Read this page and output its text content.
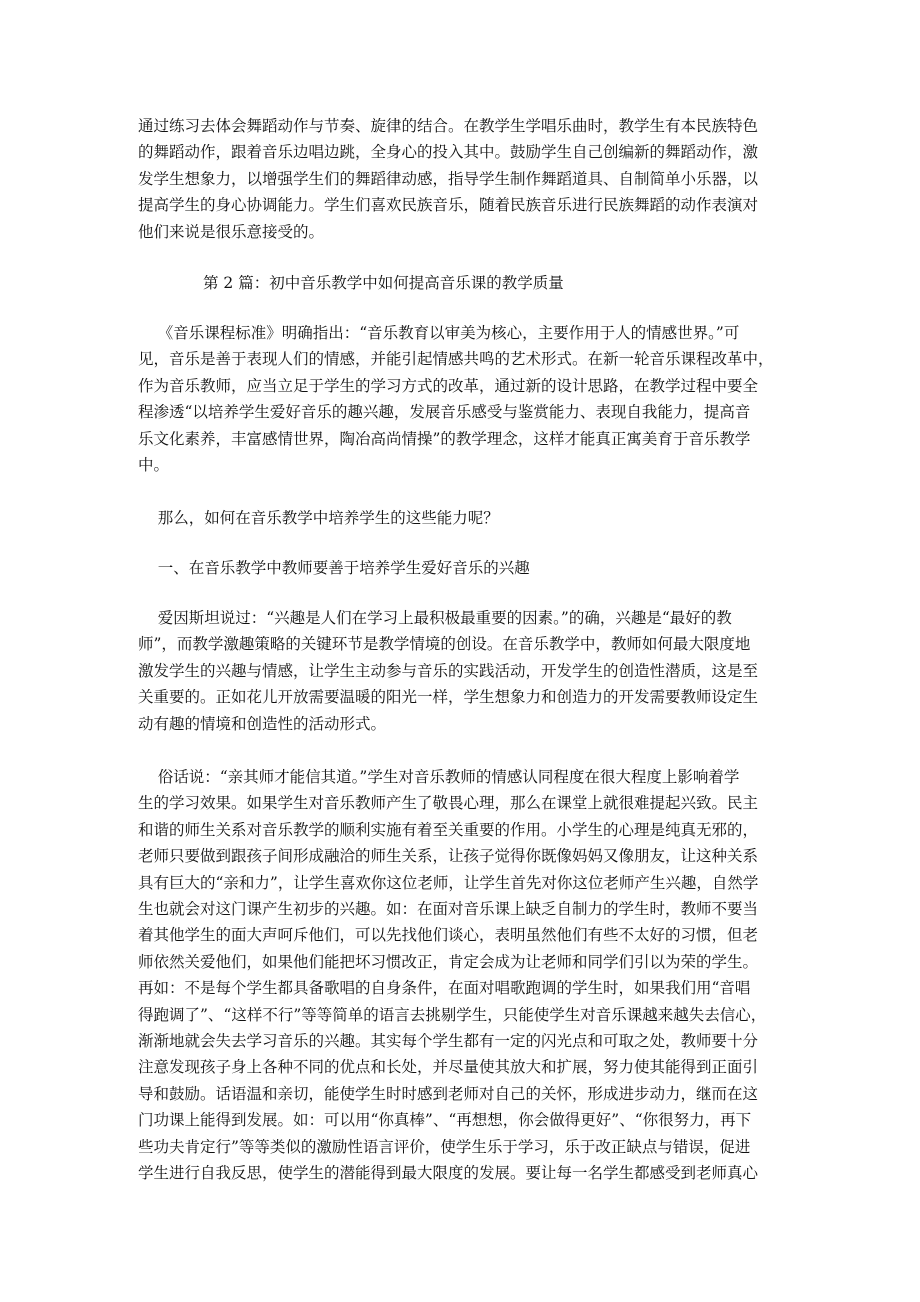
通过练习去体会舞蹈动作与节奏、旋律的结合。在教学生学唱乐曲时，教学生有本民族特色
的舞蹈动作，跟着音乐边唱边跳，全身心的投入其中。鼓励学生自己创编新的舞蹈动作，激
发学生想象力，以增强学生们的舞蹈律动感，指导学生制作舞蹈道具、自制简单小乐器，以
提高学生的身心协调能力。学生们喜欢民族音乐，随着民族音乐进行民族舞蹈的动作表演对
他们来说是很乐意接受的。

第 2 篇：初中音乐教学中如何提高音乐课的教学质量

《音乐课程标准》明确指出：“音乐教育以审美为核心，主要作用于人的情感世界。”可
见，音乐是善于表现人们的情感，并能引起情感共鸣的艺术形式。在新一轮音乐课程改革中，
作为音乐教师，应当立足于学生的学习方式的改革，通过新的设计思路，在教学过程中要全
程渗透“以培养学生爱好音乐的趣兴趣，发展音乐感受与鉴赏能力、表现自我能力，提高音
乐文化素养，丰富感情世界，陶冶高尚情操”的教学理念，这样才能真正寓美育于音乐教学
中。

那么，如何在音乐教学中培养学生的这些能力呢？

一、在音乐教学中教师要善于培养学生爱好音乐的兴趣

爱因斯坦说过：“兴趣是人们在学习上最积极最重要的因素。”的确，兴趣是“最好的教
师”，而教学激趣策略的关键环节是教学情境的创设。在音乐教学中，教师如何最大限度地
激发学生的兴趣与情感，让学生主动参与音乐的实践活动，开发学生的创造性潜质，这是至
关重要的。正如花儿开放需要温暖的阳光一样，学生想象力和创造力的开发需要教师设定生
动有趣的情境和创造性的活动形式。

俗话说：“亲其师才能信其道。”学生对音乐教师的情感认同程度在很大程度上影响着学
生的学习效果。如果学生对音乐教师产生了敬畏心理，那么在课堂上就很难提起兴致。民主
和谐的师生关系对音乐教学的顺利实施有着至关重要的作用。小学生的心理是纯真无邪的，
老师只要做到跟孩子间形成融洽的师生关系，让孩子觉得你既像妈妈又像朋友，让这种关系
具有巨大的“亲和力”，让学生喜欢你这位老师，让学生首先对你这位老师产生兴趣，自然学
生也就会对这门课产生初步的兴趣。如：在面对音乐课上缺乏自制力的学生时，教师不要当
着其他学生的面大声呵斥他们，可以先找他们谈心，表明虽然他们有些不太好的习惯，但老
师依然关爱他们，如果他们能把坏习惯改正，肯定会成为让老师和同学们引以为荣的学生。
再如：不是每个学生都具备歌唱的自身条件，在面对唱歌跑调的学生时，如果我们用“音唱
得跑调了”、“这样不行”等等简单的语言去挑剔学生，只能使学生对音乐课越来越失去信心，
渐渐地就会失去学习音乐的兴趣。其实每个学生都有一定的闪光点和可取之处，教师要十分
注意发现孩子身上各种不同的优点和长处，并尽量使其放大和扩展，努力使其能得到正面引
导和鼓励。话语温和亲切，能使学生时时感到老师对自己的关怀，形成进步动力，继而在这
门功课上能得到发展。如：可以用“你真棒”、“再想想，你会做得更好”、“你很努力，再下
些功夫肯定行”等等类似的激励性语言评价，使学生乐于学习，乐于改正缺点与错误，促进
学生进行自我反思，使学生的潜能得到最大限度的发展。要让每一名学生都感受到老师真心
